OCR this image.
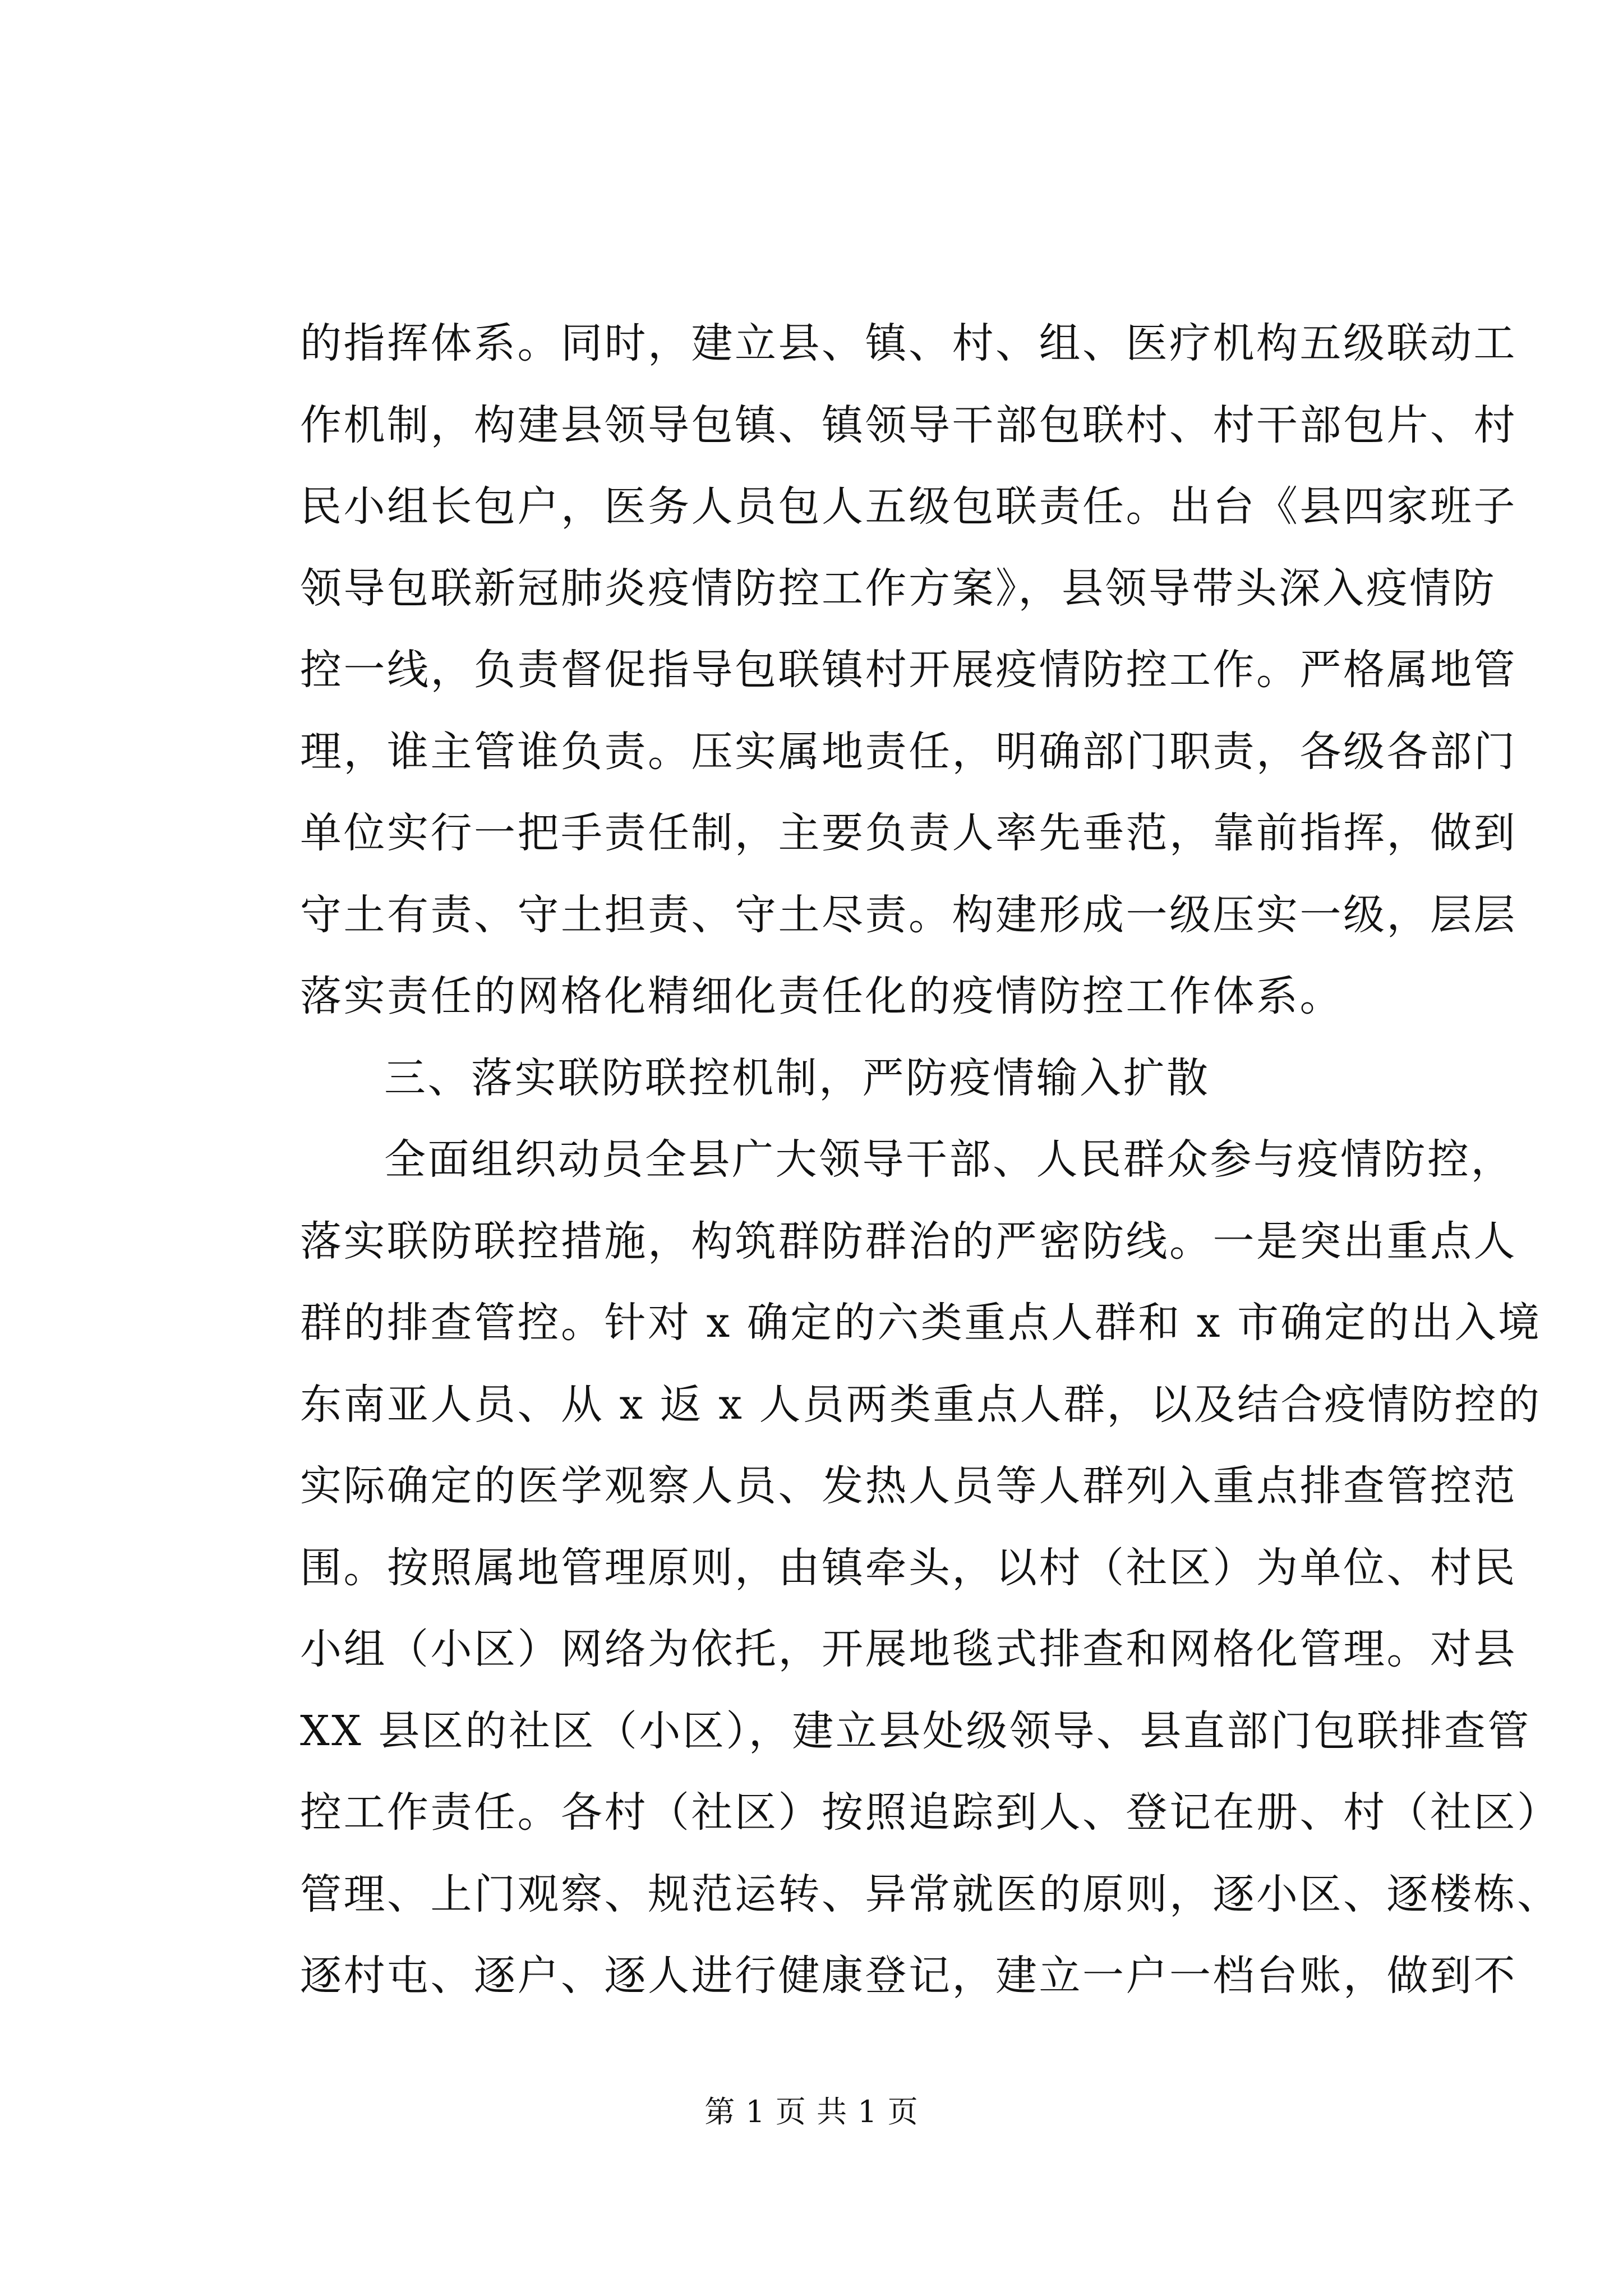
的指挥体系。同时，建立县、镇、村、组、医疗机构五级联动工
作机制，构建县领导包镇、镇领导干部包联村、村干部包片、村
民小组长包户，医务人员包人五级包联责任。出台《县四家班子
领导包联新冠肺炎疫情防控工作方案》，县领导带头深入疫情防
控一线，负责督促指导包联镇村开展疫情防控工作。严格属地管
理，谁主管谁负责。压实属地责任，明确部门职责，各级各部门
单位实行一把手责任制，主要负责人率先垂范，靠前指挥，做到
守土有责、守土担责、守土尽责。构建形成一级压实一级，层层
落实责任的网格化精细化责任化的疫情防控工作体系。
三、落实联防联控机制，严防疫情输入扩散
全面组织动员全县广大领导干部、人民群众参与疫情防控，
落实联防联控措施，构筑群防群治的严密防线。一是突出重点人
群的排查管控。针对 x 确定的六类重点人群和 x 市确定的出入境
东南亚人员、从 x 返 x 人员两类重点人群，以及结合疫情防控的
实际确定的医学观察人员、发热人员等人群列入重点排查管控范
围。按照属地管理原则，由镇牵头，以村（社区）为单位、村民
小组（小区）网络为依托，开展地毯式排查和网格化管理。对县
XX 县区的社区（小区），建立县处级领导、县直部门包联排查管
控工作责任。各村（社区）按照追踪到人、登记在册、村（社区）
管理、上门观察、规范运转、异常就医的原则，逐小区、逐楼栋、
逐村屯、逐户、逐人进行健康登记，建立一户一档台账，做到不
第 1 页 共 1 页
